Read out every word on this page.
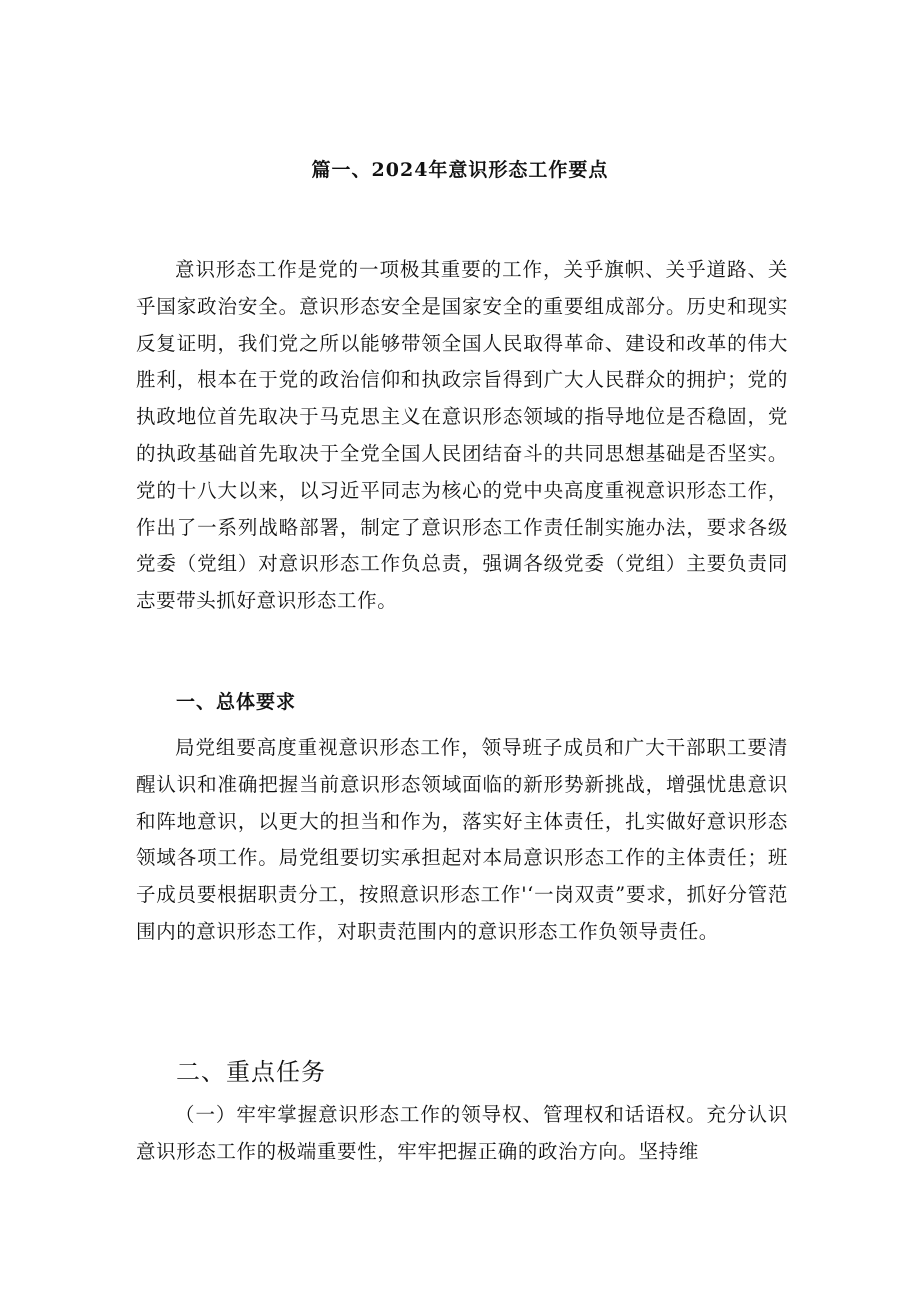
篇一、2024年意识形态工作要点

意识形态工作是党的一项极其重要的工作，关乎旗帜、关乎道路、关乎国家政治安全。意识形态安全是国家安全的重要组成部分。历史和现实反复证明，我们党之所以能够带领全国人民取得革命、建设和改革的伟大胜利，根本在于党的政治信仰和执政宗旨得到广大人民群众的拥护；党的执政地位首先取决于马克思主义在意识形态领域的指导地位是否稳固，党的执政基础首先取决于全党全国人民团结奋斗的共同思想基础是否坚实。党的十八大以来，以习近平同志为核心的党中央高度重视意识形态工作，作出了一系列战略部署，制定了意识形态工作责任制实施办法，要求各级党委（党组）对意识形态工作负总责，强调各级党委（党组）主要负责同志要带头抓好意识形态工作。

一、总体要求

局党组要高度重视意识形态工作，领导班子成员和广大干部职工要清醒认识和准确把握当前意识形态领域面临的新形势新挑战，增强忧患意识和阵地意识，以更大的担当和作为，落实好主体责任，扎实做好意识形态领域各项工作。局党组要切实承担起对本局意识形态工作的主体责任；班子成员要根据职责分工，按照意识形态工作'‘一岗双责”要求，抓好分管范围内的意识形态工作，对职责范围内的意识形态工作负领导责任。

二、重点任务

（一）牢牢掌握意识形态工作的领导权、管理权和话语权。充分认识意识形态工作的极端重要性，牢牢把握正确的政治方向。坚持维
